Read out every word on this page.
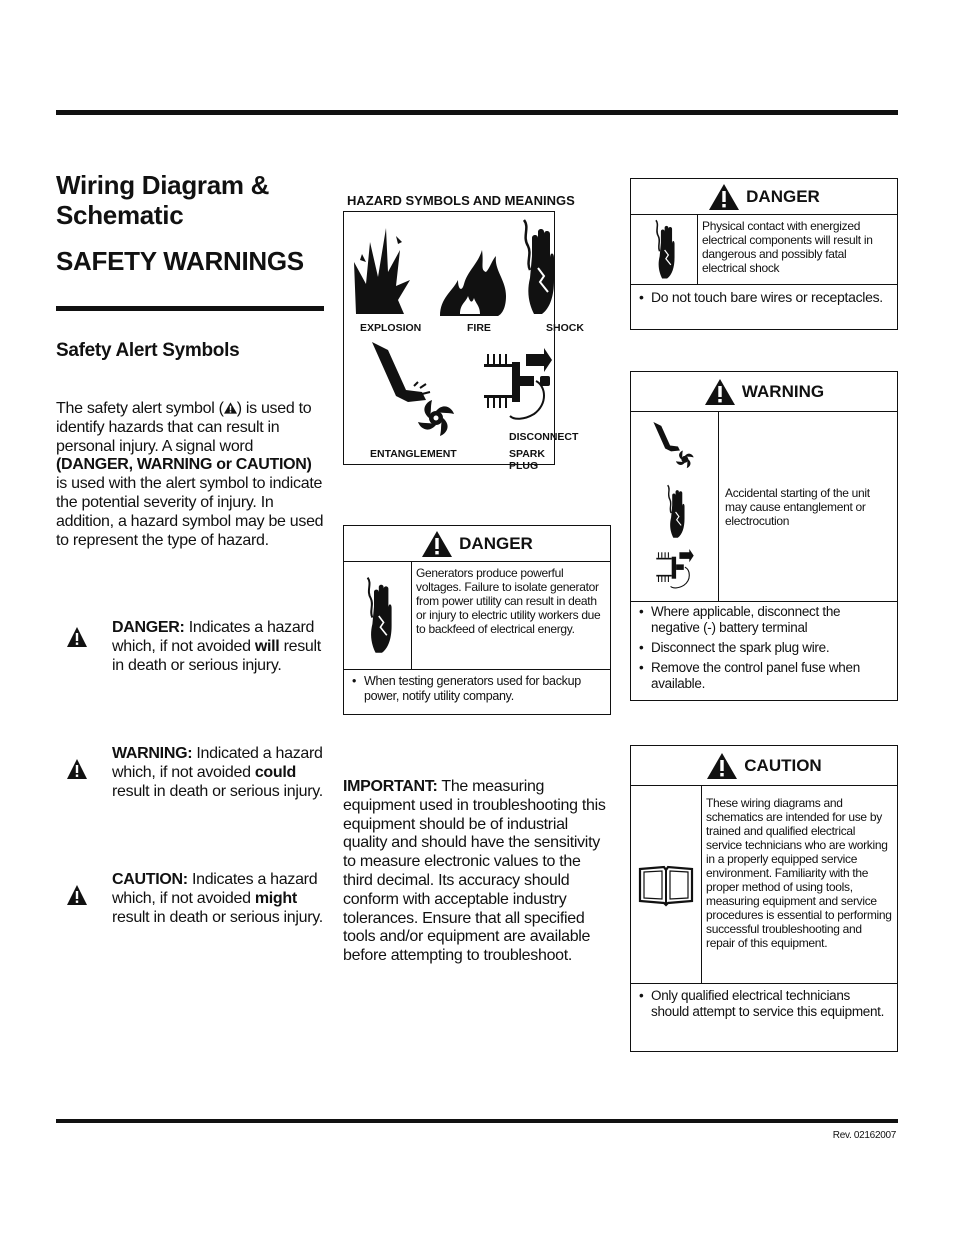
Wiring Diagram & Schematic
SAFETY WARNINGS
Safety Alert Symbols
The safety alert symbol ( ) is used to identify hazards that can result in personal injury. A signal word (DANGER, WARNING or CAUTION) is used with the alert symbol to indicate the potential severity of injury. In addition, a hazard symbol may be used to represent the type of hazard.
DANGER: Indicates a hazard which, if not avoided will result in death or serious injury.
WARNING: Indicated a hazard which, if not avoided could result in death or serious injury.
CAUTION: Indicates a hazard which, if not avoided might result in death or serious injury.
HAZARD SYMBOLS AND MEANINGS
EXPLOSION	FIRE	SHOCK
ENTANGLEMENT
DISCONNECT
SPARK PLUG
DANGER
Generators produce powerful voltages. Failure to isolate generator from power utility can result in death or injury to electric utility workers due to backfeed of electrical energy.
• When testing generators used for backup power, notify utility company.
IMPORTANT: The measuring equipment used in troubleshooting this equipment should be of industrial quality and should have the sensitivity to measure electronic values to the third decimal. Its accuracy should conform with acceptable industry tolerances. Ensure that all specified tools and/or equipment are available before attempting to troubleshoot.
DANGER
Physical contact with energized electrical components will result in dangerous and possibly fatal electrical shock
• Do not touch bare wires or receptacles.
WARNING
Accidental starting of the unit may cause entanglement or electrocution
• Where applicable, disconnect the negative (-) battery terminal
• Disconnect the spark plug wire.
• Remove the control panel fuse when available.
CAUTION
These wiring diagrams and schematics are intended for use by trained and qualified electrical service technicians who are working in a properly equipped service environment. Familiarity with the proper method of using tools, measuring equipment and service procedures is essential to performing successful troubleshooting and repair of this equipment.
• Only qualified electrical technicians should attempt to service this equipment.
Rev. 02162007
